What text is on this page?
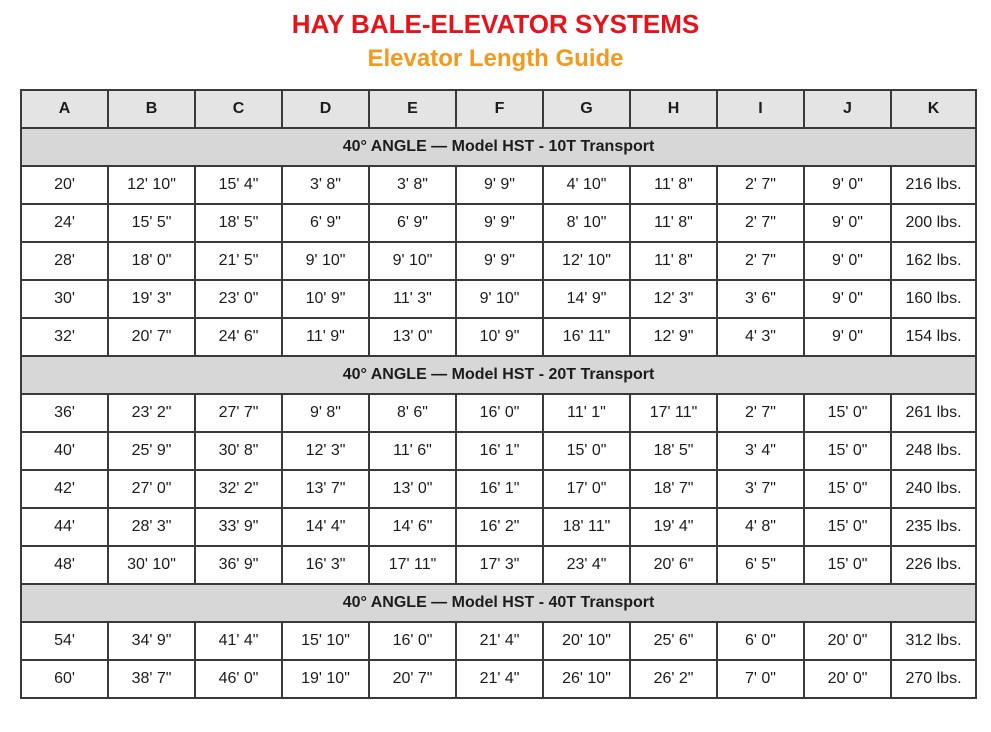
HAY BALE-ELEVATOR SYSTEMS
Elevator Length Guide
A	B	C	D	E	F	G	H	I	J	K
40° ANGLE — Model HST - 10T Transport										
20'	12' 10"	15' 4"	3' 8"	3' 8"	9' 9"	4' 10"	11' 8"	2' 7"	9' 0"	216 lbs.
24'	15' 5"	18' 5"	6' 9"	6' 9"	9' 9"	8' 10"	11' 8"	2' 7"	9' 0"	200 lbs.
28'	18' 0"	21' 5"	9' 10"	9' 10"	9' 9"	12' 10"	11' 8"	2' 7"	9' 0"	162 lbs.
30'	19' 3"	23' 0"	10' 9"	11' 3"	9' 10"	14' 9"	12' 3"	3' 6"	9' 0"	160 lbs.
32'	20' 7"	24' 6"	11' 9"	13' 0"	10' 9"	16' 11"	12' 9"	4' 3"	9' 0"	154 lbs.
40° ANGLE — Model HST - 20T Transport										
36'	23' 2"	27' 7"	9' 8"	8' 6"	16' 0"	11' 1"	17' 11"	2' 7"	15' 0"	261 lbs.
40'	25' 9"	30' 8"	12' 3"	11' 6"	16' 1"	15' 0"	18' 5"	3' 4"	15' 0"	248 lbs.
42'	27' 0"	32' 2"	13' 7"	13' 0"	16' 1"	17' 0"	18' 7"	3' 7"	15' 0"	240 lbs.
44'	28' 3"	33' 9"	14' 4"	14' 6"	16' 2"	18' 11"	19' 4"	4' 8"	15' 0"	235 lbs.
48'	30' 10"	36' 9"	16' 3"	17' 11"	17' 3"	23' 4"	20' 6"	6' 5"	15' 0"	226 lbs.
40° ANGLE — Model HST - 40T Transport										
54'	34' 9"	41' 4"	15' 10"	16' 0"	21' 4"	20' 10"	25' 6"	6' 0"	20' 0"	312 lbs.
60'	38' 7"	46' 0"	19' 10"	20' 7"	21' 4"	26' 10"	26' 2"	7' 0"	20' 0"	270 lbs.
